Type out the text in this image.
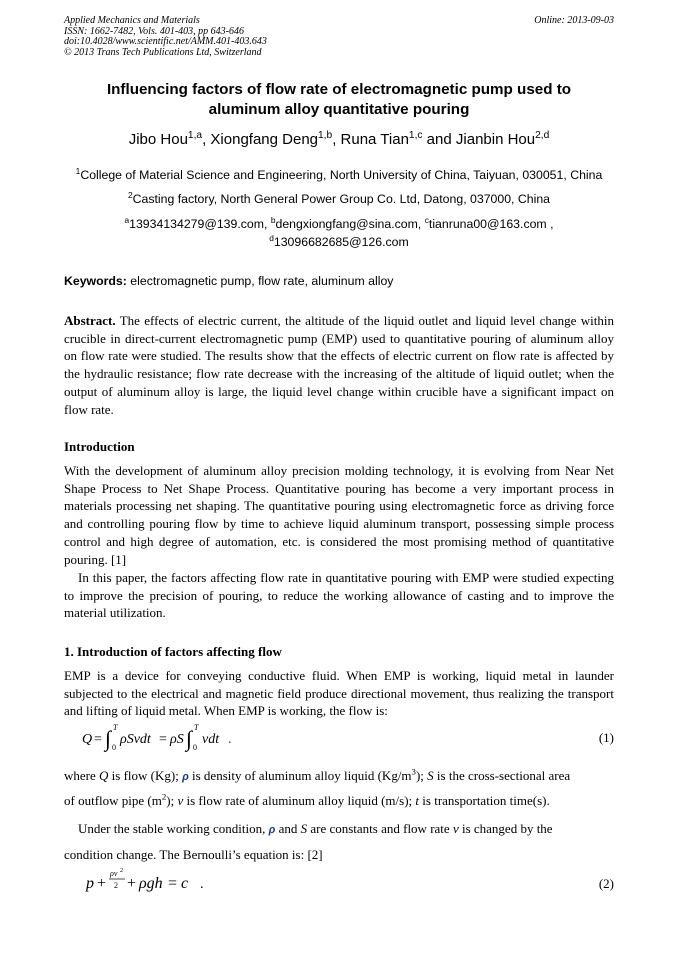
Applied Mechanics and Materials
ISSN: 1662-7482, Vols. 401-403, pp 643-646
doi:10.4028/www.scientific.net/AMM.401-403.643
© 2013 Trans Tech Publications Ltd, Switzerland
Online: 2013-09-03
Influencing factors of flow rate of electromagnetic pump used to
aluminum alloy quantitative pouring
Jibo Hou$^{1,a}$, Xiongfang Deng$^{1,b}$, Runa Tian$^{1,c}$ and Jianbin Hou$^{2,d}$
$^1$College of Material Science and Engineering, North University of China, Taiyuan, 030051, China
$^2$Casting factory, North General Power Group Co. Ltd, Datong, 037000, China
$^a$13934134279@139.com, $^b$dengxiongfang@sina.com, $^c$tianruna00@163.com ,
$^d$13096682685@126.com
Keywords: electromagnetic pump, flow rate, aluminum alloy

Abstract. The effects of electric current, the altitude of the liquid outlet and liquid level change within crucible in direct-current electromagnetic pump (EMP) used to quantitative pouring of aluminum alloy on flow rate were studied. The results show that the effects of electric current on flow rate is affected by the hydraulic resistance; flow rate decrease with the increasing of the altitude of liquid outlet; when the output of aluminum alloy is large, the liquid level change within crucible have a significant impact on flow rate.

Introduction

With the development of aluminum alloy precision molding technology, it is evolving from Near Net Shape Process to Net Shape Process. Quantitative pouring has become a very important process in materials processing net shaping. The quantitative pouring using electromagnetic force as driving force and controlling pouring flow by time to achieve liquid aluminum transport, possessing simple process control and high degree of automation, etc. is considered the most promising method of quantitative pouring. [1]

In this paper, the factors affecting flow rate in quantitative pouring with EMP were studied expecting to improve the precision of pouring, to reduce the working allowance of casting and to improve the material utilization.

1. Introduction of factors affecting flow

EMP is a device for conveying conductive fluid. When EMP is working, liquid metal in launder subjected to the electrical and magnetic field produce directional movement, thus realizing the transport and lifting of liquid metal. When EMP is working, the flow is:

Q = ∫ T
0
ρSvdt = ρS ∫ T
0
vdt .	(1)

where Q is flow (Kg); ρ is density of aluminum alloy liquid $(Kg/m^3)$; S is the cross-sectional area

of outflow pipe $(m^2)$; v is flow rate of aluminum alloy liquid (m/s); t is transportation time(s).

Under the stable working condition, ρ and S are constants and flow rate v is changed by the

condition change. The Bernoulli’s equation is: [2]

p +
ρv 2
2 + ρgh = c .	(2)
